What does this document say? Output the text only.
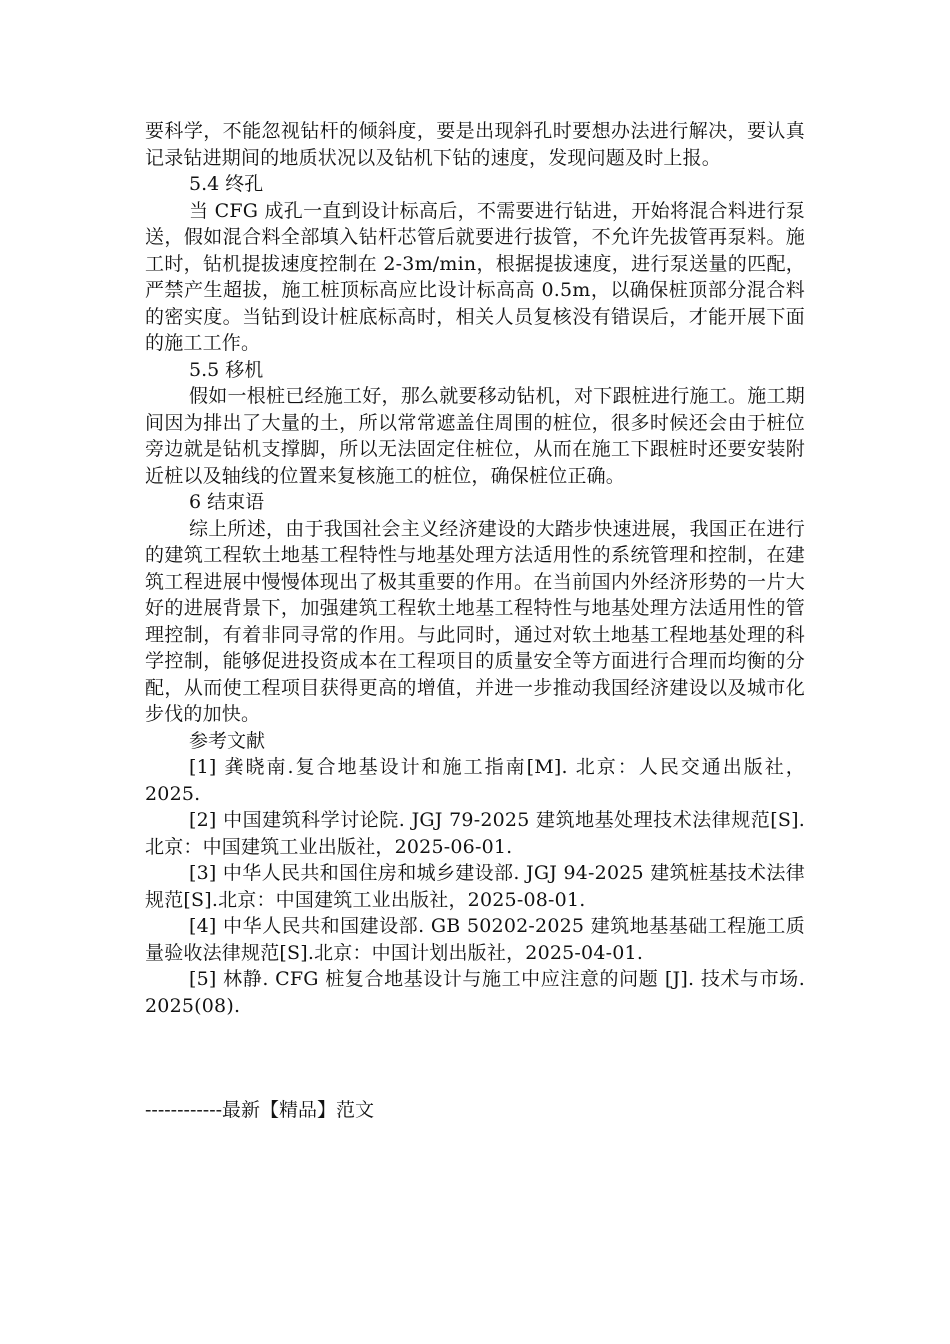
要科学，不能忽视钻杆的倾斜度，要是出现斜孔时要想办法进行解决，要认真记录钻进期间的地质状况以及钻机下钻的速度，发现问题及时上报。

5.4 终孔

当 CFG 成孔一直到设计标高后，不需要进行钻进，开始将混合料进行泵送，假如混合料全部填入钻杆芯管后就要进行拔管，不允许先拔管再泵料。施工时，钻机提拔速度控制在 2-3m/min，根据提拔速度，进行泵送量的匹配，严禁产生超拔，施工桩顶标高应比设计标高高 0.5m，以确保桩顶部分混合料的密实度。当钻到设计桩底标高时，相关人员复核没有错误后，才能开展下面的施工工作。

5.5 移机

假如一根桩已经施工好，那么就要移动钻机，对下跟桩进行施工。施工期间因为排出了大量的土，所以常常遮盖住周围的桩位，很多时候还会由于桩位旁边就是钻机支撑脚，所以无法固定住桩位，从而在施工下跟桩时还要安装附近桩以及轴线的位置来复核施工的桩位，确保桩位正确。

6 结束语

综上所述，由于我国社会主义经济建设的大踏步快速进展，我国正在进行的建筑工程软土地基工程特性与地基处理方法适用性的系统管理和控制，在建筑工程进展中慢慢体现出了极其重要的作用。在当前国内外经济形势的一片大好的进展背景下，加强建筑工程软土地基工程特性与地基处理方法适用性的管理控制，有着非同寻常的作用。与此同时，通过对软土地基工程地基处理的科学控制，能够促进投资成本在工程项目的质量安全等方面进行合理而均衡的分配，从而使工程项目获得更高的增值，并进一步推动我国经济建设以及城市化步伐的加快。

参考文献

[1] 龚晓南.复合地基设计和施工指南[M]. 北京：人民交通出版社，2025.

[2] 中国建筑科学讨论院. JGJ 79-2025 建筑地基处理技术法律规范[S].北京：中国建筑工业出版社，2025-06-01.

[3] 中华人民共和国住房和城乡建设部. JGJ 94-2025 建筑桩基技术法律规范[S].北京：中国建筑工业出版社，2025-08-01.

[4] 中华人民共和国建设部. GB 50202-2025 建筑地基基础工程施工质量验收法律规范[S].北京：中国计划出版社，2025-04-01.

[5] 林静. CFG 桩复合地基设计与施工中应注意的问题 [J]. 技术与市场. 2025(08).

------------最新【精品】范文
